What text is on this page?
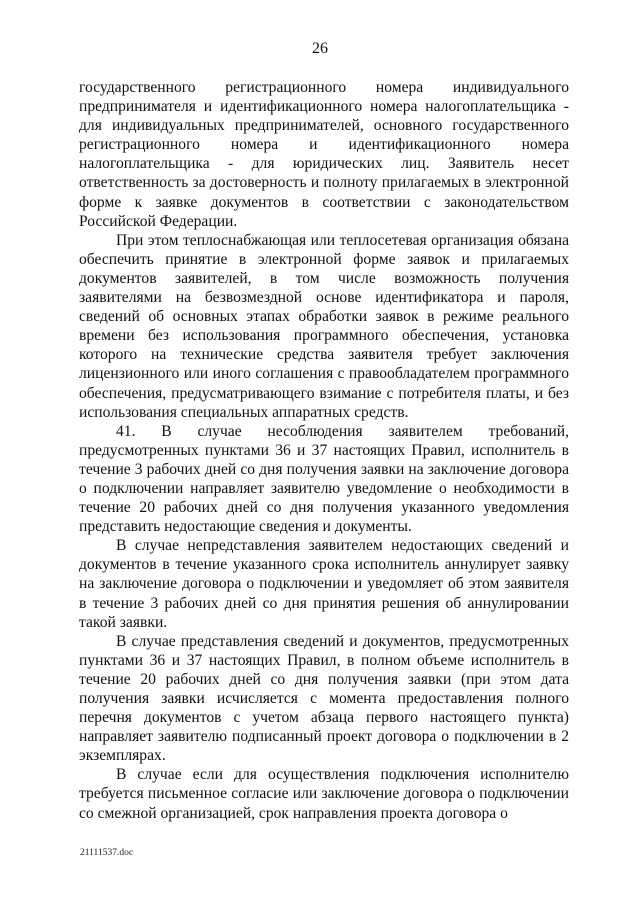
26

государственного регистрационного номера индивидуального предпринимателя и идентификационного номера налогоплательщика - для индивидуальных предпринимателей, основного государственного регистрационного номера и идентификационного номера налогоплательщика - для юридических лиц. Заявитель несет ответственность за достоверность и полноту прилагаемых в электронной форме к заявке документов в соответствии с законодательством Российской Федерации.

При этом теплоснабжающая или теплосетевая организация обязана обеспечить принятие в электронной форме заявок и прилагаемых документов заявителей, в том числе возможность получения заявителями на безвозмездной основе идентификатора и пароля, сведений об основных этапах обработки заявок в режиме реального времени без использования программного обеспечения, установка которого на технические средства заявителя требует заключения лицензионного или иного соглашения с правообладателем программного обеспечения, предусматривающего взимание с потребителя платы, и без использования специальных аппаратных средств.

41. В случае несоблюдения заявителем требований, предусмотренных пунктами 36 и 37 настоящих Правил, исполнитель в течение 3 рабочих дней со дня получения заявки на заключение договора о подключении направляет заявителю уведомление о необходимости в течение 20 рабочих дней со дня получения указанного уведомления представить недостающие сведения и документы.

В случае непредставления заявителем недостающих сведений и документов в течение указанного срока исполнитель аннулирует заявку на заключение договора о подключении и уведомляет об этом заявителя в течение 3 рабочих дней со дня принятия решения об аннулировании такой заявки.

В случае представления сведений и документов, предусмотренных пунктами 36 и 37 настоящих Правил, в полном объеме исполнитель в течение 20 рабочих дней со дня получения заявки (при этом дата получения заявки исчисляется с момента предоставления полного перечня документов с учетом абзаца первого настоящего пункта) направляет заявителю подписанный проект договора о подключении в 2 экземплярах.

В случае если для осуществления подключения исполнителю требуется письменное согласие или заключение договора о подключении со смежной организацией, срок направления проекта договора о

21111537.doc
